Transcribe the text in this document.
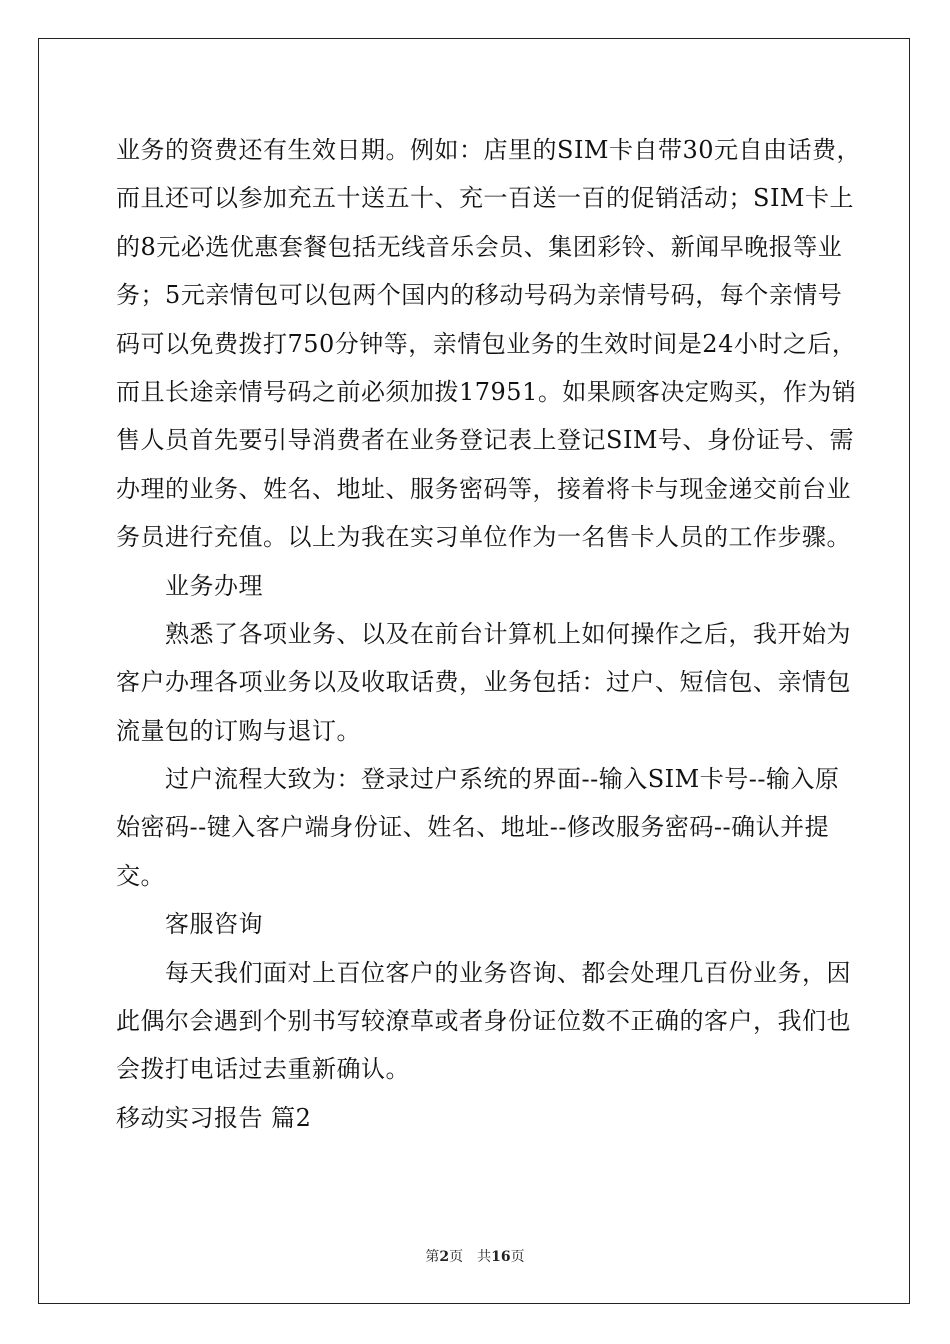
业务的资费还有生效日期。例如：店里的SIM卡自带30元自由话费，
而且还可以参加充五十送五十、充一百送一百的促销活动；SIM卡上
的8元必选优惠套餐包括无线音乐会员、集团彩铃、新闻早晚报等业
务；5元亲情包可以包两个国内的移动号码为亲情号码，每个亲情号
码可以免费拨打750分钟等，亲情包业务的生效时间是24小时之后，
而且长途亲情号码之前必须加拨17951。如果顾客决定购买，作为销
售人员首先要引导消费者在业务登记表上登记SIM号、身份证号、需
办理的业务、姓名、地址、服务密码等，接着将卡与现金递交前台业
务员进行充值。以上为我在实习单位作为一名售卡人员的工作步骤。
　　业务办理
　　熟悉了各项业务、以及在前台计算机上如何操作之后，我开始为
客户办理各项业务以及收取话费，业务包括：过户、短信包、亲情包
流量包的订购与退订。
　　过户流程大致为：登录过户系统的界面--输入SIM卡号--输入原
始密码--键入客户端身份证、姓名、地址--修改服务密码--确认并提
交。
　　客服咨询
　　每天我们面对上百位客户的业务咨询、都会处理几百份业务，因
此偶尔会遇到个别书写较潦草或者身份证位数不正确的客户，我们也
会拨打电话过去重新确认。
移动实习报告 篇2
第2页　共16页
